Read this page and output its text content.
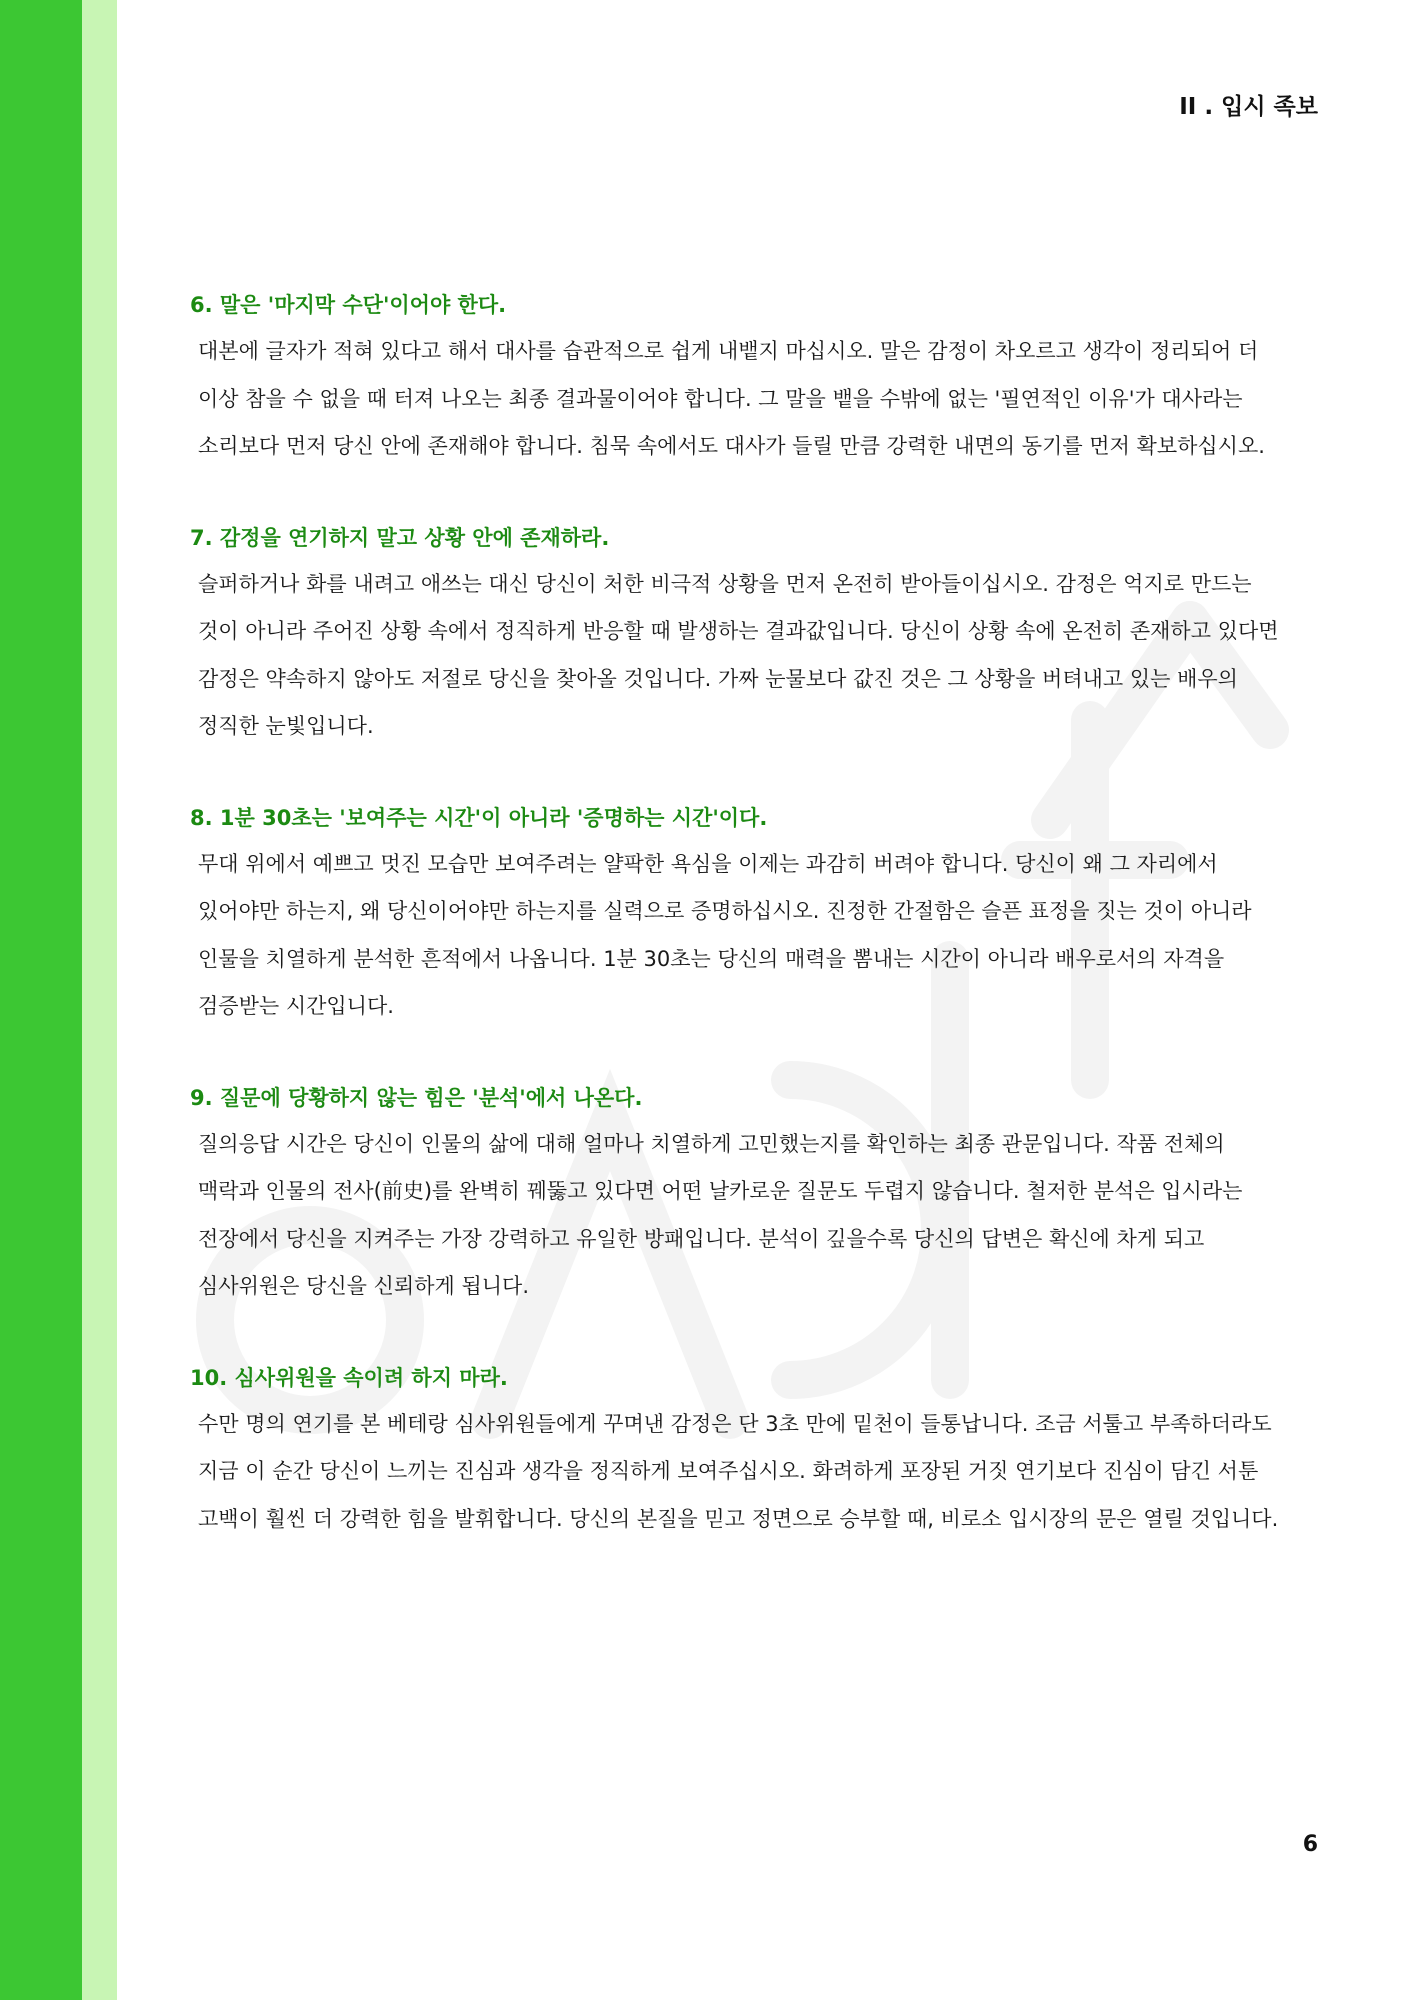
II . 입시 족보

6. 말은 '마지막 수단'이어야 한다.

대본에 글자가 적혀 있다고 해서 대사를 습관적으로 쉽게 내뱉지 마십시오. 말은 감정이 차오르고 생각이 정리되어 더 이상 참을 수 없을 때 터져 나오는 최종 결과물이어야 합니다. 그 말을 뱉을 수밖에 없는 '필연적인 이유'가 대사라는 소리보다 먼저 당신 안에 존재해야 합니다. 침묵 속에서도 대사가 들릴 만큼 강력한 내면의 동기를 먼저 확보하십시오.

7. 감정을 연기하지 말고 상황 안에 존재하라.

슬퍼하거나 화를 내려고 애쓰는 대신 당신이 처한 비극적 상황을 먼저 온전히 받아들이십시오. 감정은 억지로 만드는 것이 아니라 주어진 상황 속에서 정직하게 반응할 때 발생하는 결과값입니다. 당신이 상황 속에 온전히 존재하고 있다면 감정은 약속하지 않아도 저절로 당신을 찾아올 것입니다. 가짜 눈물보다 값진 것은 그 상황을 버텨내고 있는 배우의 정직한 눈빛입니다.

8. 1분 30초는 '보여주는 시간'이 아니라 '증명하는 시간'이다.

무대 위에서 예쁘고 멋진 모습만 보여주려는 얄팍한 욕심을 이제는 과감히 버려야 합니다. 당신이 왜 그 자리에서 있어야만 하는지, 왜 당신이어야만 하는지를 실력으로 증명하십시오. 진정한 간절함은 슬픈 표정을 짓는 것이 아니라 인물을 치열하게 분석한 흔적에서 나옵니다. 1분 30초는 당신의 매력을 뽐내는 시간이 아니라 배우로서의 자격을 검증받는 시간입니다.

9. 질문에 당황하지 않는 힘은 '분석'에서 나온다.

질의응답 시간은 당신이 인물의 삶에 대해 얼마나 치열하게 고민했는지를 확인하는 최종 관문입니다. 작품 전체의 맥락과 인물의 전사(前史)를 완벽히 꿰뚫고 있다면 어떤 날카로운 질문도 두렵지 않습니다. 철저한 분석은 입시라는 전장에서 당신을 지켜주는 가장 강력하고 유일한 방패입니다. 분석이 깊을수록 당신의 답변은 확신에 차게 되고 심사위원은 당신을 신뢰하게 됩니다.

10. 심사위원을 속이려 하지 마라.

수만 명의 연기를 본 베테랑 심사위원들에게 꾸며낸 감정은 단 3초 만에 밑천이 들통납니다. 조금 서툴고 부족하더라도 지금 이 순간 당신이 느끼는 진심과 생각을 정직하게 보여주십시오. 화려하게 포장된 거짓 연기보다 진심이 담긴 서툰 고백이 훨씬 더 강력한 힘을 발휘합니다. 당신의 본질을 믿고 정면으로 승부할 때, 비로소 입시장의 문은 열릴 것입니다.

6
